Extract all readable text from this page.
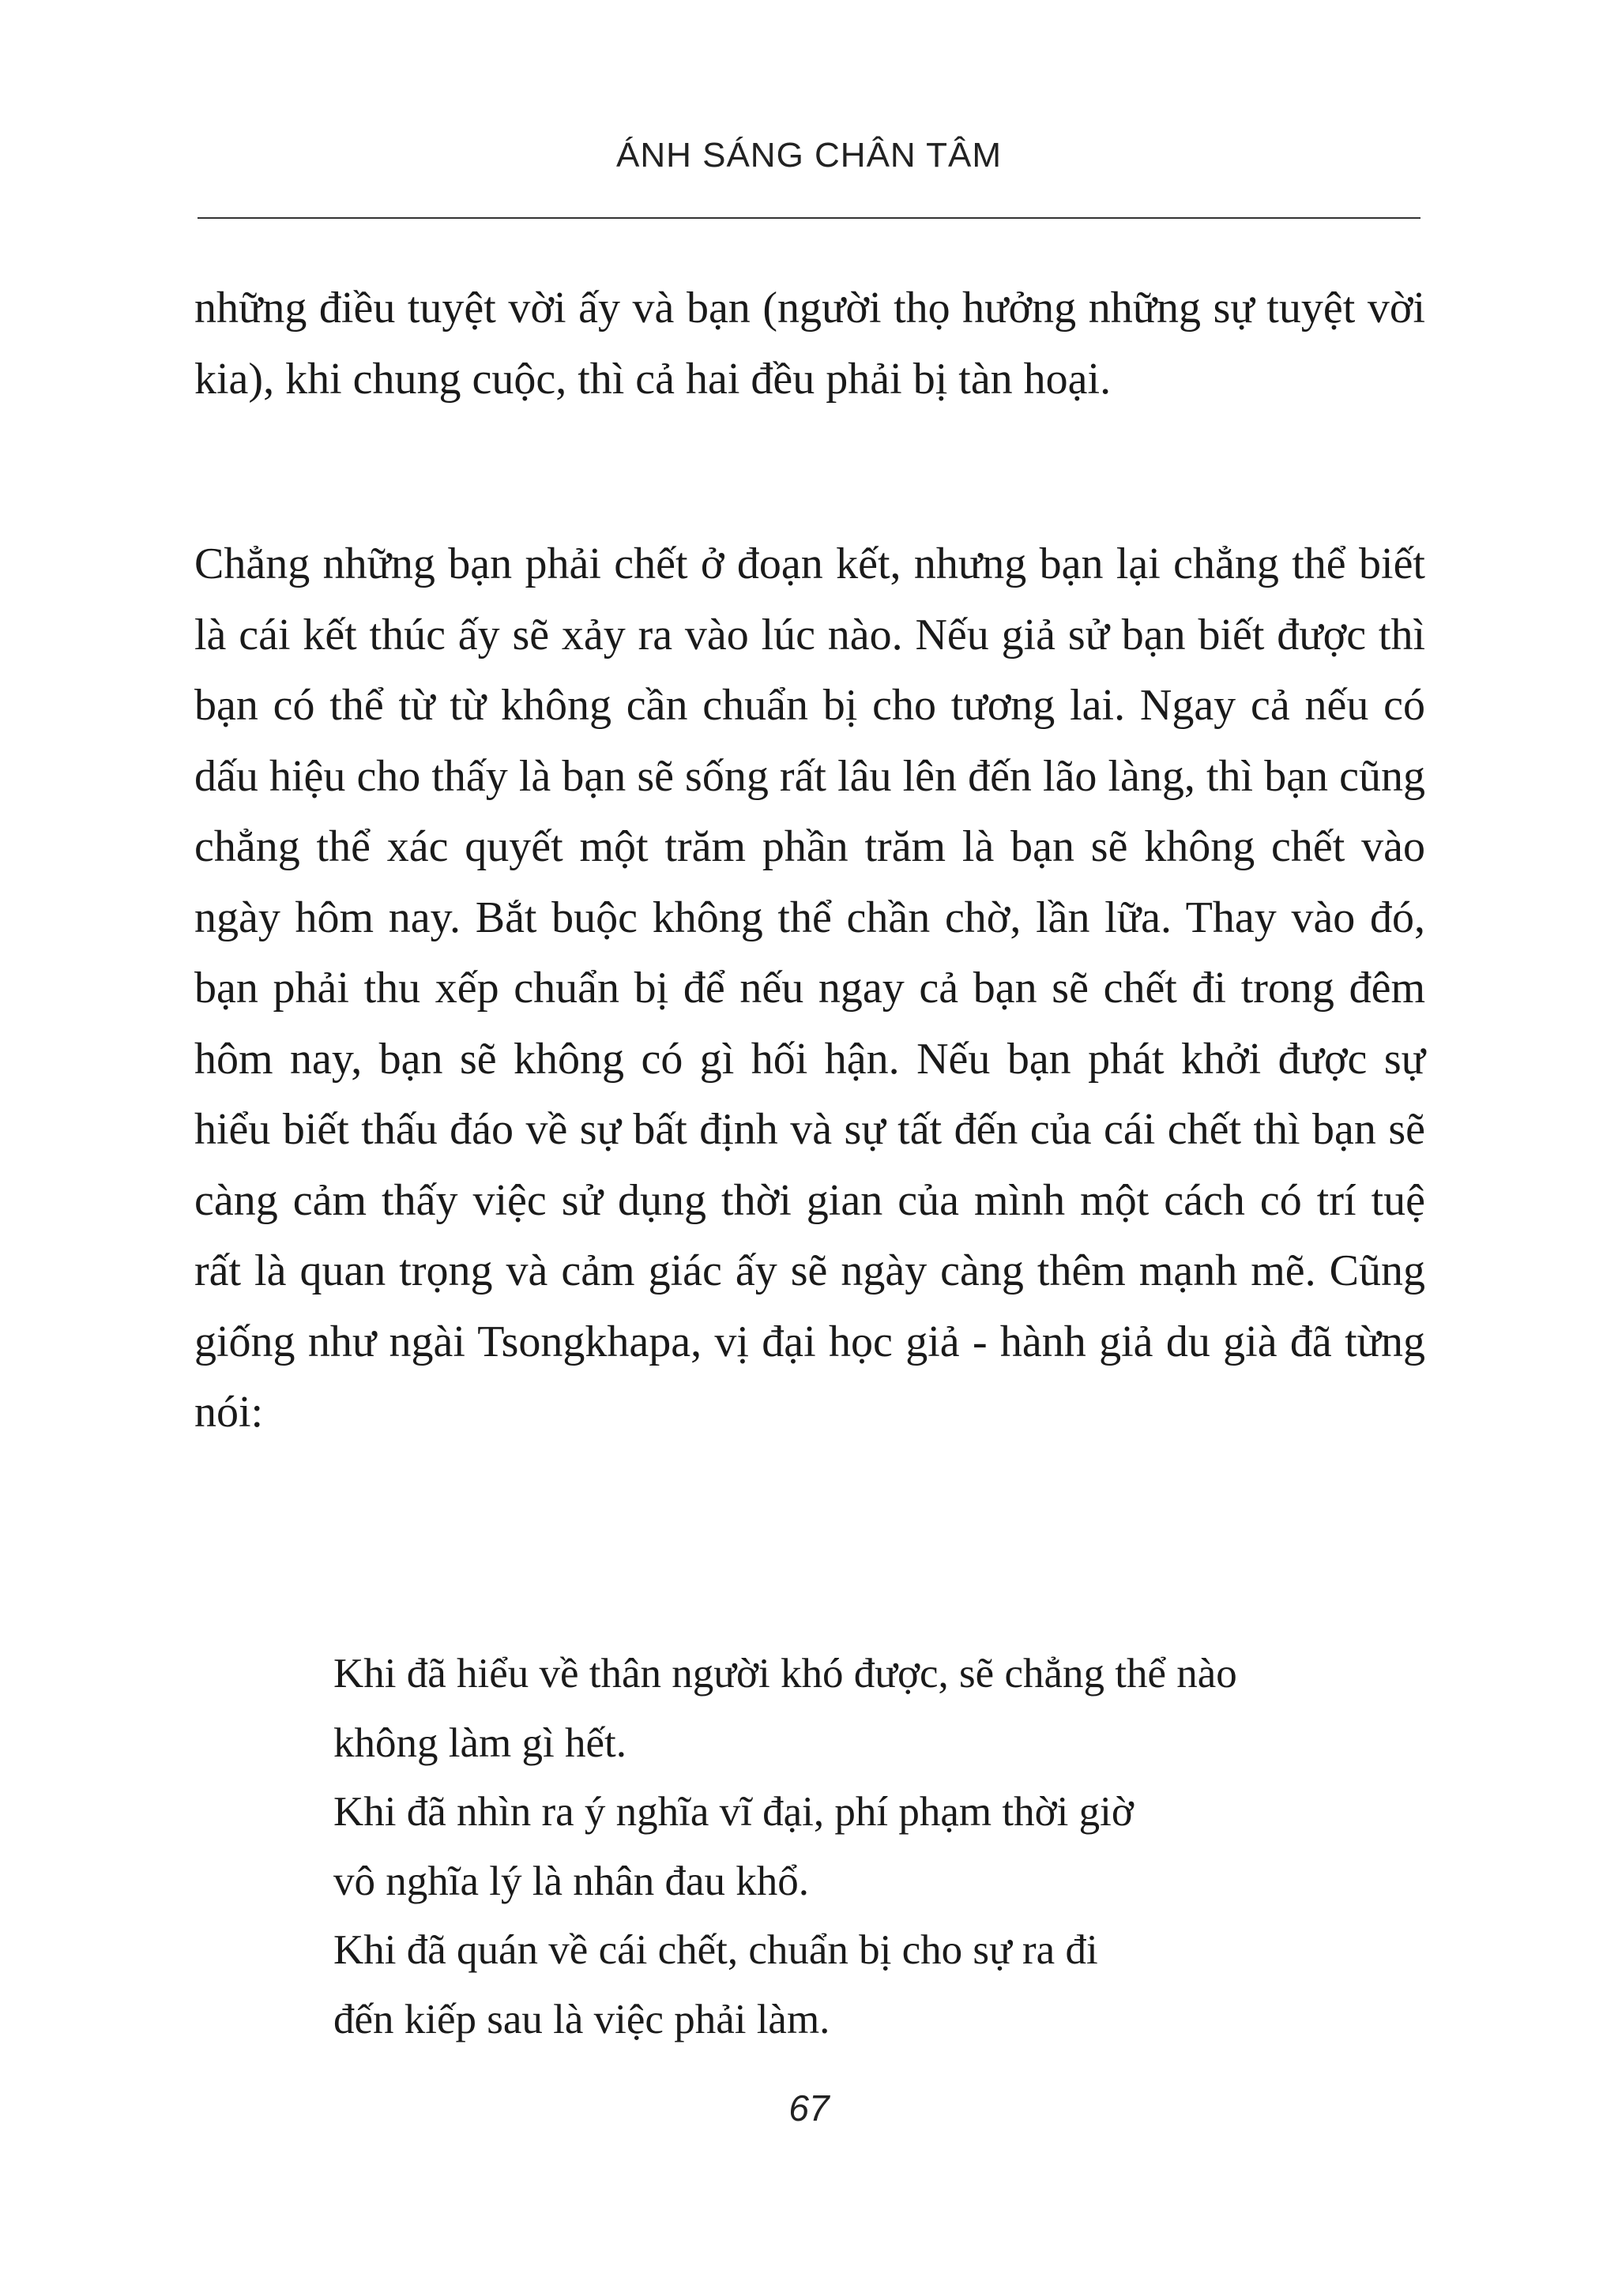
ÁNH SÁNG CHÂN TÂM

những điều tuyệt vời ấy và bạn (người thọ hưởng những sự tuyệt vời kia), khi chung cuộc, thì cả hai đều phải bị tàn hoại.

Chẳng những bạn phải chết ở đoạn kết, nhưng bạn lại chẳng thể biết là cái kết thúc ấy sẽ xảy ra vào lúc nào. Nếu giả sử bạn biết được thì bạn có thể từ từ không cần chuẩn bị cho tương lai. Ngay cả nếu có dấu hiệu cho thấy là bạn sẽ sống rất lâu lên đến lão làng, thì bạn cũng chẳng thể xác quyết một trăm phần trăm là bạn sẽ không chết vào ngày hôm nay. Bắt buộc không thể chần chờ, lần lữa. Thay vào đó, bạn phải thu xếp chuẩn bị để nếu ngay cả bạn sẽ chết đi trong đêm hôm nay, bạn sẽ không có gì hối hận. Nếu bạn phát khởi được sự hiểu biết thấu đáo về sự bất định và sự tất đến của cái chết thì bạn sẽ càng cảm thấy việc sử dụng thời gian của mình một cách có trí tuệ rất là quan trọng và cảm giác ấy sẽ ngày càng thêm mạnh mẽ. Cũng giống như ngài Tsongkhapa, vị đại học giả - hành giả du già đã từng nói:

Khi đã hiểu về thân người khó được, sẽ chẳng thể nào
không làm gì hết.
Khi đã nhìn ra ý nghĩa vĩ đại, phí phạm thời giờ
vô nghĩa lý là nhân đau khổ.
Khi đã quán về cái chết, chuẩn bị cho sự ra đi
đến kiếp sau là việc phải làm.
67
